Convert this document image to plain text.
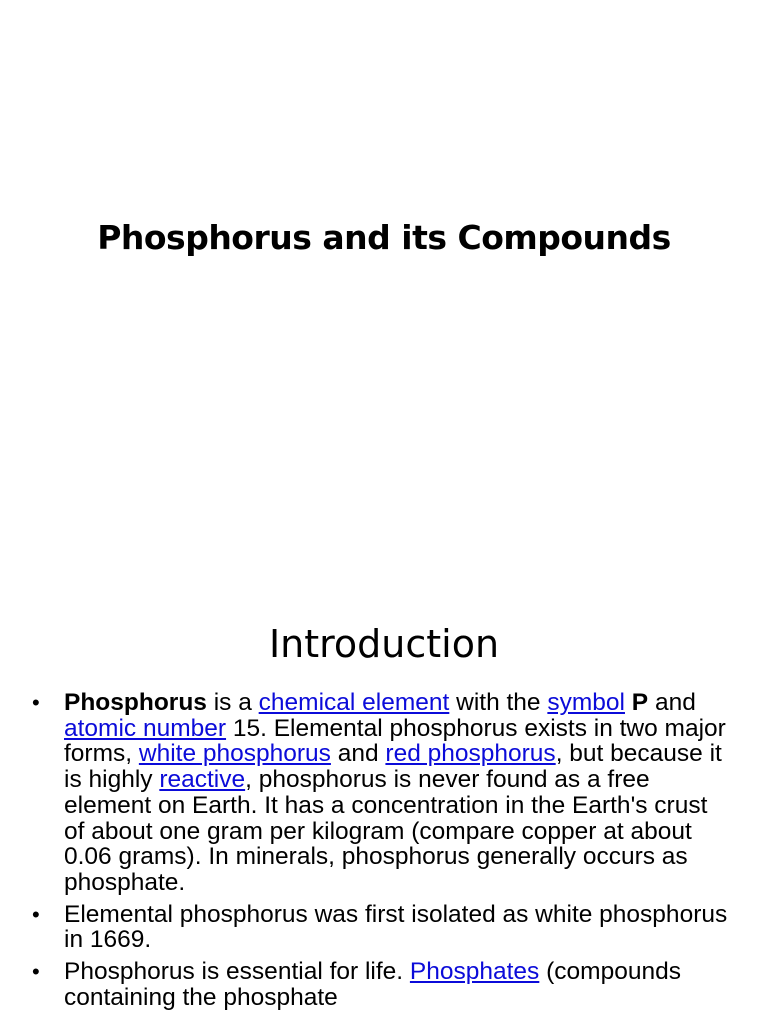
Phosphorus and its Compounds
Introduction
• Phosphorus is a chemical element with the symbol P and atomic number 15. Elemental phosphorus exists in two major forms, white phosphorus and red phosphorus, but because it is highly reactive, phosphorus is never found as a free element on Earth. It has a concentration in the Earth's crust of about one gram per kilogram (compare copper at about 0.06 grams). In minerals, phosphorus generally occurs as phosphate.
• Elemental phosphorus was first isolated as white phosphorus in 1669.
• Phosphorus is essential for life. Phosphates (compounds containing the phosphate
